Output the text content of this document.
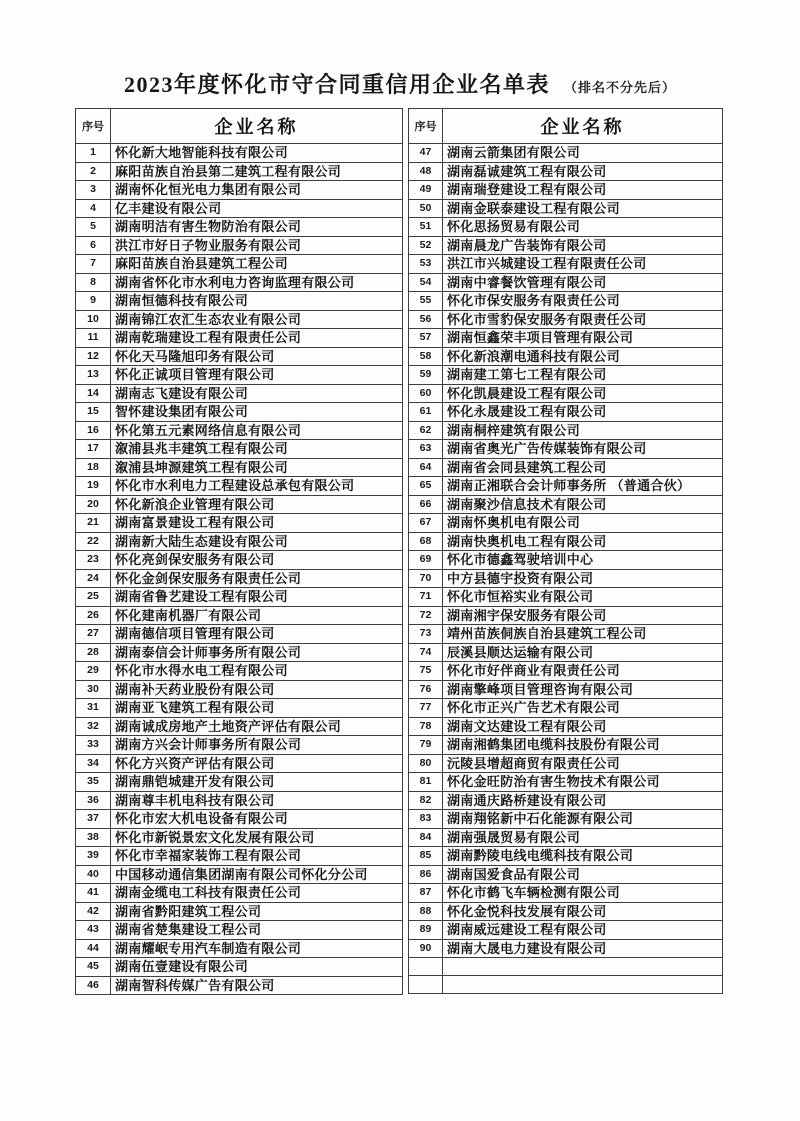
2023年度怀化市守合同重信用企业名单表 （排名不分先后）
序号	企业名称
1	怀化新大地智能科技有限公司
2	麻阳苗族自治县第二建筑工程有限公司
3	湖南怀化恒光电力集团有限公司
4	亿丰建设有限公司
5	湖南明洁有害生物防治有限公司
6	洪江市好日子物业服务有限公司
7	麻阳苗族自治县建筑工程公司
8	湖南省怀化市水利电力咨询监理有限公司
9	湖南恒德科技有限公司
10	湖南锦江农汇生态农业有限公司
11	湖南乾瑞建设工程有限责任公司
12	怀化天马隆旭印务有限公司
13	怀化正诚项目管理有限公司
14	湖南志飞建设有限公司
15	智怀建设集团有限公司
16	怀化第五元素网络信息有限公司
17	溆浦县兆丰建筑工程有限公司
18	溆浦县坤源建筑工程有限公司
19	怀化市水利电力工程建设总承包有限公司
20	怀化新浪企业管理有限公司
21	湖南富景建设工程有限公司
22	湖南新大陆生态建设有限公司
23	怀化亮剑保安服务有限公司
24	怀化金剑保安服务有限责任公司
25	湖南省鲁艺建设工程有限公司
26	怀化建南机器厂有限公司
27	湖南德信项目管理有限公司
28	湖南泰信会计师事务所有限公司
29	怀化市水得水电工程有限公司
30	湖南补天药业股份有限公司
31	湖南亚飞建筑工程有限公司
32	湖南诚成房地产土地资产评估有限公司
33	湖南方兴会计师事务所有限公司
34	怀化方兴资产评估有限公司
35	湖南鼎铠城建开发有限公司
36	湖南尊丰机电科技有限公司
37	怀化市宏大机电设备有限公司
38	怀化市新锐景宏文化发展有限公司
39	怀化市幸福家装饰工程有限公司
40	中国移动通信集团湖南有限公司怀化分公司
41	湖南金缆电工科技有限责任公司
42	湖南省黔阳建筑工程公司
43	湖南省楚集建设工程公司
44	湖南耀岷专用汽车制造有限公司
45	湖南伍壹建设有限公司
46	湖南智科传媒广告有限公司
序号	企业名称
47	湖南云箭集团有限公司
48	湖南磊诚建筑工程有限公司
49	湖南瑞登建设工程有限公司
50	湖南金联泰建设工程有限公司
51	怀化思扬贸易有限公司
52	湖南晨龙广告装饰有限公司
53	洪江市兴城建设工程有限责任公司
54	湖南中睿餐饮管理有限公司
55	怀化市保安服务有限责任公司
56	怀化市雪豹保安服务有限责任公司
57	湖南恒鑫荣丰项目管理有限公司
58	怀化新浪潮电通科技有限公司
59	湖南建工第七工程有限公司
60	怀化凯晨建设工程有限公司
61	怀化永晟建设工程有限公司
62	湖南桐梓建筑有限公司
63	湖南省奥光广告传媒装饰有限公司
64	湖南省会同县建筑工程公司
65	湖南正湘联合会计师事务所 （普通合伙）
66	湖南聚沙信息技术有限公司
67	湖南怀奥机电有限公司
68	湖南快奥机电工程有限公司
69	怀化市德鑫驾驶培训中心
70	中方县德宇投资有限公司
71	怀化市恒裕实业有限公司
72	湖南湘宇保安服务有限公司
73	靖州苗族侗族自治县建筑工程公司
74	辰溪县顺达运输有限公司
75	怀化市好伴商业有限责任公司
76	湖南擎峰项目管理咨询有限公司
77	怀化市正兴广告艺术有限公司
78	湖南文达建设工程有限公司
79	湖南湘鹤集团电缆科技股份有限公司
80	沅陵县增超商贸有限责任公司
81	怀化金旺防治有害生物技术有限公司
82	湖南通庆路桥建设有限公司
83	湖南翔铭新中石化能源有限公司
84	湖南强晟贸易有限公司
85	湖南黔陵电线电缆科技有限公司
86	湖南国爱食品有限公司
87	怀化市鹤飞车辆检测有限公司
88	怀化金悦科技发展有限公司
89	湖南威远建设工程有限公司
90	湖南大晟电力建设有限公司
